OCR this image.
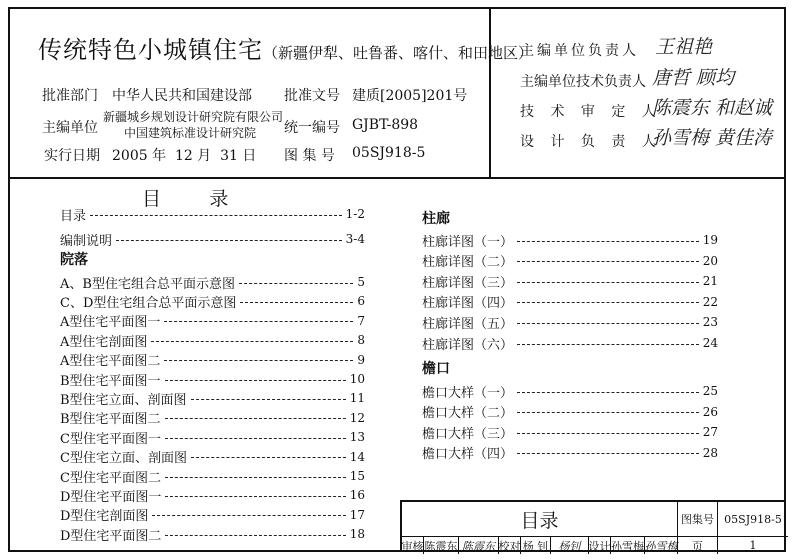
传统特色小城镇住宅（新疆伊犁、吐鲁番、喀什、和田地区）
批准部门 中华人民共和国建设部 批准文号 建质[2005]201号
主编单位
新疆城乡规划设计研究院有限公司
中国建筑标准设计研究院 统一编号 GJBT-898
实行日期 2005 年  12 月  31 日 图 集 号 05SJ918-5
主编单位负责人 王祖艳
主编单位技术负责人 唐哲 顾均
技 术 审 定 人
陈震东 和赵诚
设 计 负 责 人
孙雪梅 黄佳涛
目        录
目录	1-2
编制说明	3-4
院落
A、B型住宅组合总平面示意图	5
C、D型住宅组合总平面示意图	6
A型住宅平面图一	7
A型住宅剖面图	8
A型住宅平面图二	9
B型住宅平面图一	10
B型住宅立面、剖面图	11
B型住宅平面图二	12
C型住宅平面图一	13
C型住宅立面、剖面图	14
C型住宅平面图二	15
D型住宅平面图一	16
D型住宅剖面图	17
D型住宅平面图二	18
柱廊
柱廊详图（一）	19
柱廊详图（二）	20
柱廊详图（三）	21
柱廊详图（四）	22
柱廊详图（五）	23
柱廊详图（六）	24
檐口
檐口大样（一）	25
檐口大样（二）	26
檐口大样（三）	27
檐口大样（四）	28
目录	图集号 05SJ918-5
审核 陈震东 陈震东 校对 杨 钊 杨钊 设计 孙雪梅 孙雪梅	页	1
